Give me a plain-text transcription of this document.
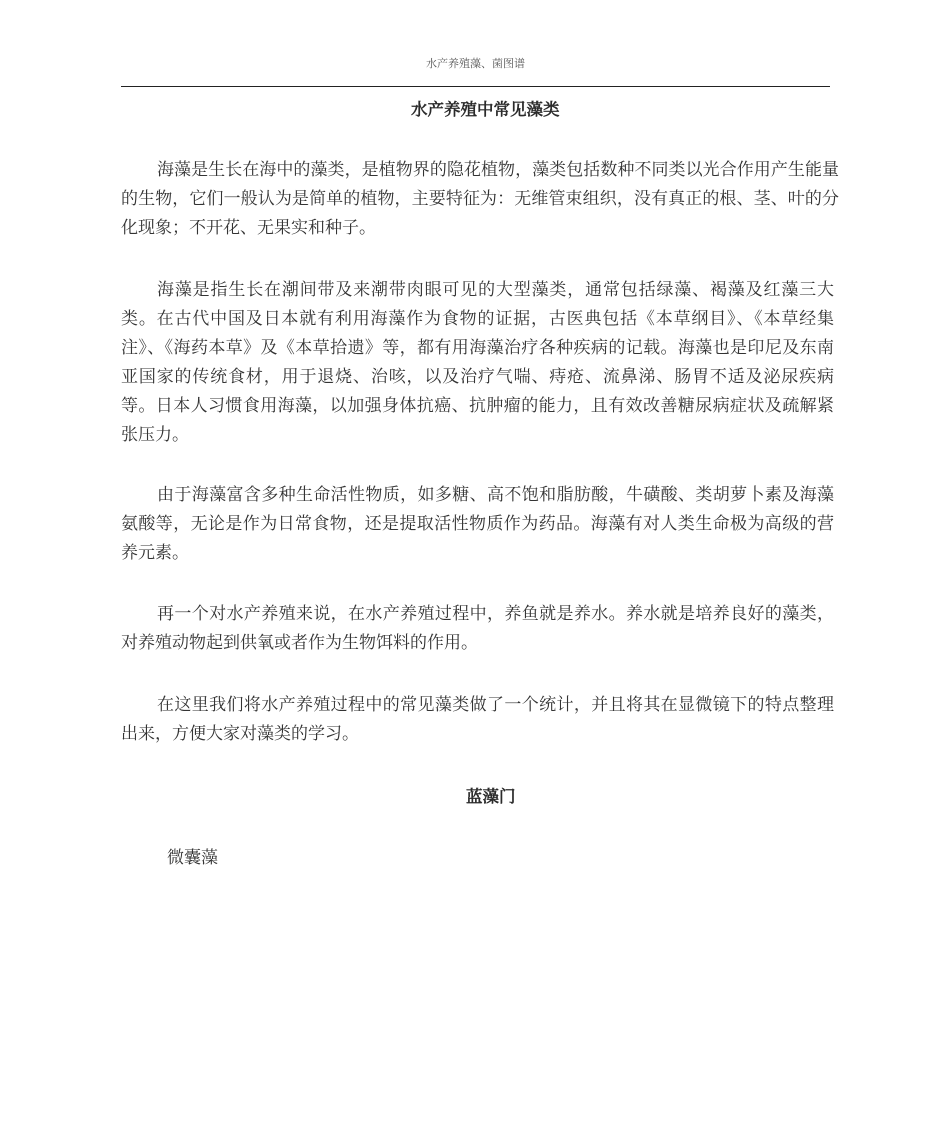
水产养殖藻、菌图谱
水产养殖中常见藻类

海藻是生长在海中的藻类，是植物界的隐花植物，藻类包括数种不同类以光合作用产生能量的生物，它们一般认为是简单的植物，主要特征为：无维管束组织，没有真正的根、茎、叶的分化现象；不开花、无果实和种子。

海藻是指生长在潮间带及来潮带肉眼可见的大型藻类，通常包括绿藻、褐藻及红藻三大类。在古代中国及日本就有利用海藻作为食物的证据，古医典包括《本草纲目》、《本草经集注》、《海药本草》及《本草拾遗》等，都有用海藻治疗各种疾病的记载。海藻也是印尼及东南亚国家的传统食材，用于退烧、治咳，以及治疗气喘、痔疮、流鼻涕、肠胃不适及泌尿疾病等。日本人习惯食用海藻，以加强身体抗癌、抗肿瘤的能力，且有效改善糖尿病症状及疏解紧张压力。

由于海藻富含多种生命活性物质，如多糖、高不饱和脂肪酸，牛磺酸、类胡萝卜素及海藻氨酸等，无论是作为日常食物，还是提取活性物质作为药品。海藻有对人类生命极为高级的营养元素。

再一个对水产养殖来说，在水产养殖过程中，养鱼就是养水。养水就是培养良好的藻类，对养殖动物起到供氧或者作为生物饵料的作用。

在这里我们将水产养殖过程中的常见藻类做了一个统计，并且将其在显微镜下的特点整理出来，方便大家对藻类的学习。

蓝藻门
微囊藻
